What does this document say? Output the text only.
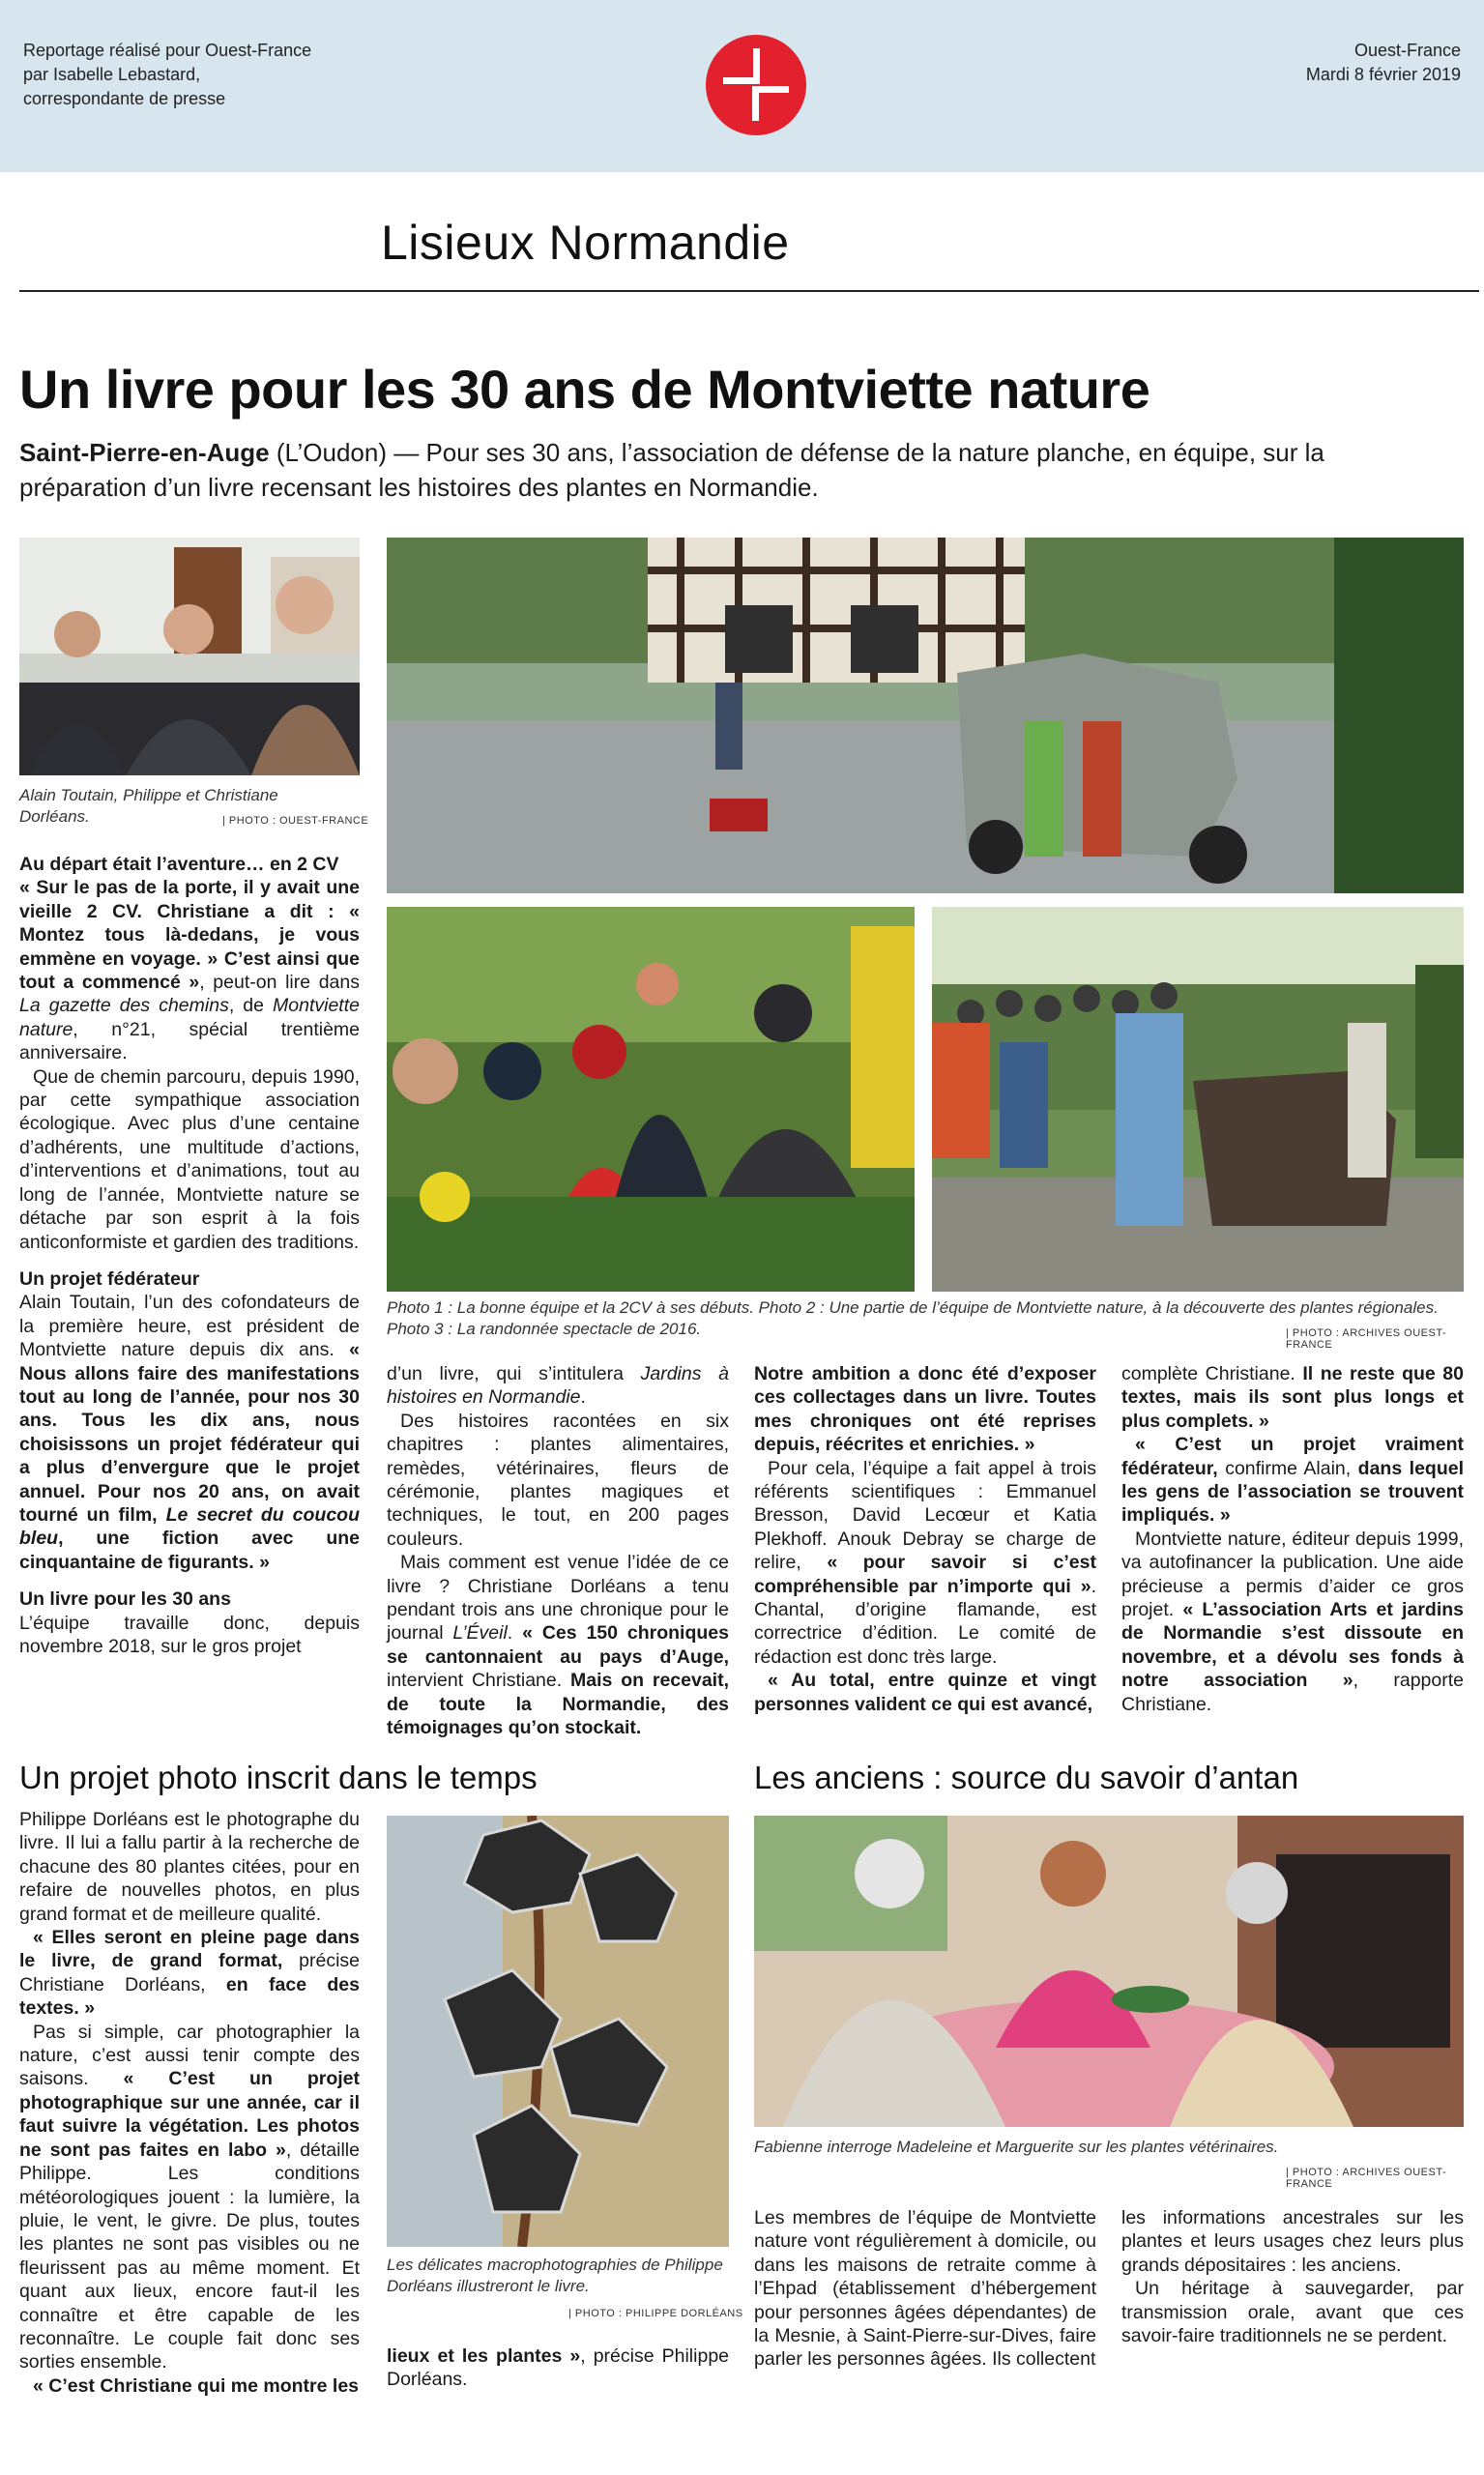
Reportage réalisé pour Ouest-France
par Isabelle Lebastard,
correspondante de presse
Ouest-France
Mardi 8 février 2019
Lisieux Normandie
Un livre pour les 30 ans de Montviette nature
Saint-Pierre-en-Auge (L’Oudon) — Pour ses 30 ans, l’association de défense de la nature planche, en équipe, sur la préparation d’un livre recensant les histoires des plantes en Normandie.
Alain Toutain, Philippe et Christiane Dorléans.	| PHOTO : OUEST-FRANCE
Photo 1 : La bonne équipe et la 2CV à ses débuts. Photo 2 : Une partie de l’équipe de Montviette nature, à la découverte des plantes régionales. Photo 3 : La randonnée spectacle de 2016.	| PHOTO : ARCHIVES OUEST-FRANCE

Au départ était l’aventure… en 2 CV

« Sur le pas de la porte, il y avait une vieille 2 CV. Christiane a dit : « Montez tous là-dedans, je vous emmène en voyage. » C’est ainsi que tout a commencé », peut-on lire dans La gazette des chemins, de Montviette nature, n°21, spécial trentième anniversaire.

Que de chemin parcouru, depuis 1990, par cette sympathique association écologique. Avec plus d’une centaine d’adhérents, une multitude d’actions, d’interventions et d’animations, tout au long de l’année, Montviette nature se détache par son esprit à la fois anticonformiste et gardien des traditions.

Un projet fédérateur

Alain Toutain, l’un des cofondateurs de la première heure, est président de Montviette nature depuis dix ans. « Nous allons faire des manifestations tout au long de l’année, pour nos 30 ans. Tous les dix ans, nous choisissons un projet fédérateur qui a plus d’envergure que le projet annuel. Pour nos 20 ans, on avait tourné un film, Le secret du coucou bleu, une fiction avec une cinquantaine de figurants. »

Un livre pour les 30 ans

L’équipe travaille donc, depuis novembre 2018, sur le gros projet

d’un livre, qui s’intitulera Jardins à histoires en Normandie.

Des histoires racontées en six chapitres : plantes alimentaires, remèdes, vétérinaires, fleurs de cérémonie, plantes magiques et techniques, le tout, en 200 pages couleurs.

Mais comment est venue l’idée de ce livre ? Christiane Dorléans a tenu pendant trois ans une chronique pour le journal L’Éveil. « Ces 150 chroniques se cantonnaient au pays d’Auge, intervient Christiane. Mais on recevait, de toute la Normandie, des témoignages qu’on stockait.

Notre ambition a donc été d’exposer ces collectages dans un livre. Toutes mes chroniques ont été reprises depuis, réécrites et enrichies. »

Pour cela, l’équipe a fait appel à trois référents scientifiques : Emmanuel Bresson, David Lecœur et Katia Plekhoff. Anouk Debray se charge de relire, « pour savoir si c’est compréhensible par n’importe qui ». Chantal, d’origine flamande, est correctrice d’édition. Le comité de rédaction est donc très large.

« Au total, entre quinze et vingt personnes valident ce qui est avancé,

complète Christiane. Il ne reste que 80 textes, mais ils sont plus longs et plus complets. »

« C’est un projet vraiment fédérateur, confirme Alain, dans lequel les gens de l’association se trouvent impliqués. »

Montviette nature, éditeur depuis 1999, va autofinancer la publication. Une aide précieuse a permis d’aider ce gros projet. « L’association Arts et jardins de Normandie s’est dissoute en novembre, et a dévolu ses fonds à notre association », rapporte Christiane.

Un projet photo inscrit dans le temps

Philippe Dorléans est le photographe du livre. Il lui a fallu partir à la recherche de chacune des 80 plantes citées, pour en refaire de nouvelles photos, en plus grand format et de meilleure qualité.

« Elles seront en pleine page dans le livre, de grand format, précise Christiane Dorléans, en face des textes. »

Pas si simple, car photographier la nature, c’est aussi tenir compte des saisons. « C’est un projet photographique sur une année, car il faut suivre la végétation. Les photos ne sont pas faites en labo », détaille Philippe. Les conditions météorologiques jouent : la lumière, la pluie, le vent, le givre. De plus, toutes les plantes ne sont pas visibles ou ne fleurissent pas au même moment. Et quant aux lieux, encore faut-il les connaître et être capable de les reconnaître. Le couple fait donc ses sorties ensemble.

« C’est Christiane qui me montre les

Les délicates macrophotographies de Philippe Dorléans illustreront le livre.
| PHOTO : PHILIPPE DORLÉANS

lieux et les plantes », précise Philippe Dorléans.

Les anciens : source du savoir d’antan
Fabienne interroge Madeleine et Marguerite sur les plantes vétérinaires.
| PHOTO : ARCHIVES OUEST-FRANCE

Les membres de l’équipe de Montviette nature vont régulièrement à domicile, ou dans les maisons de retraite comme à l’Ehpad (établissement d’hébergement pour personnes âgées dépendantes) de la Mesnie, à Saint-Pierre-sur-Dives, faire parler les personnes âgées. Ils collectent

les informations ancestrales sur les plantes et leurs usages chez leurs plus grands dépositaires : les anciens.

Un héritage à sauvegarder, par transmission orale, avant que ces savoir-faire traditionnels ne se perdent.
